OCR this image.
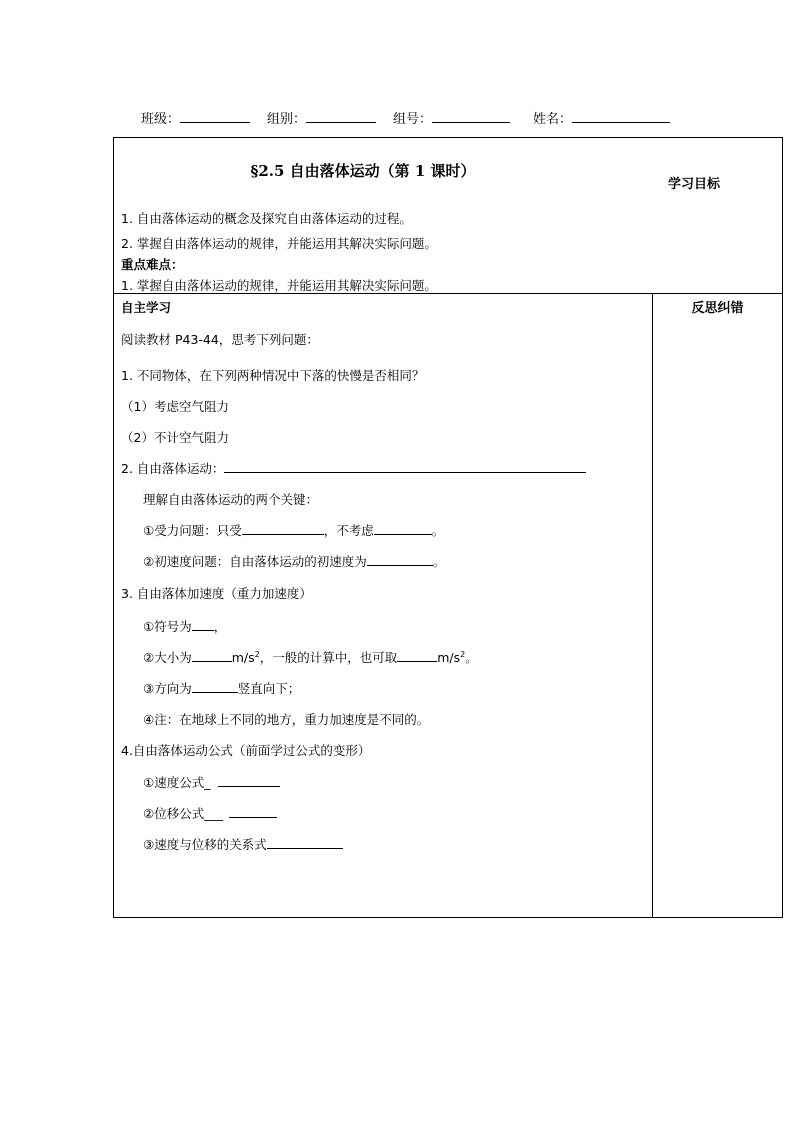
班级：	组别：	组号：	姓名：
§2.5 自由落体运动（第 1 课时）
学习目标
1. 自由落体运动的概念及探究自由落体运动的过程。
2. 掌握自由落体运动的规律，并能运用其解决实际问题。
重点难点：
1. 掌握自由落体运动的规律，并能运用其解决实际问题。
自主学习	反思纠错
阅读教材 P43-44，思考下列问题：
1. 不同物体，在下列两种情况中下落的快慢是否相同？
（1）考虑空气阻力
（2）不计空气阻力
2. 自由落体运动：
理解自由落体运动的两个关键：
①受力问题：只受	，不考虑	。
②初速度问题：自由落体运动的初速度为	。
3. 自由落体加速度（重力加速度）
①符号为 ，
②大小为	$m/s^2$，一般的计算中，也可取	$m/s^2$。
③方向为	竖直向下；
④注：在地球上不同的地方，重力加速度是不同的。
4.自由落体运动公式（前面学过公式的变形）
①速度公式_
②位移公式___
③速度与位移的关系式
